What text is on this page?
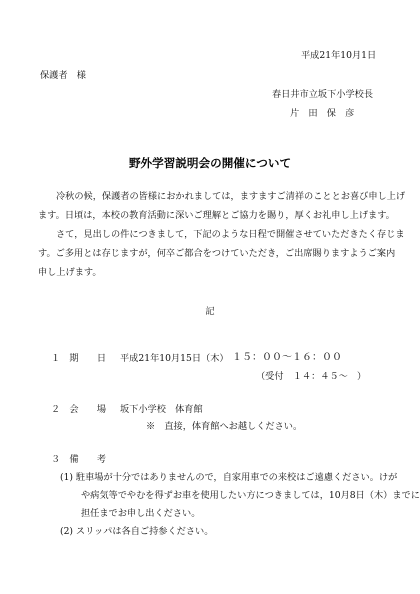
平成21年10月1日
保護者　様
春日井市立坂下小学校長
片　田　保　彦
野外学習説明会の開催について
冷秋の候，保護者の皆様におかれましては，ますますご清祥のこととお喜び申し上げ
ます。日頃は，本校の教育活動に深いご理解とご協力を賜り，厚くお礼申し上げます。
さて，見出しの件につきまして，下記のような日程で開催させていただきたく存じま
す。ご多用とは存じますが，何卒ご都合をつけていただき，ご出席賜りますようご案内
申し上げます。
記
１　期　　日 平成21年10月15日（木） １５：００～１６：００
（受付　１４：４５～　）
２　会　　場 坂下小学校　体育館
※　直接，体育館へお越しください。
３　備　　考
(1) 駐車場が十分ではありませんので，自家用車での来校はご遠慮ください。けが
や病気等でやむを得ずお車を使用したい方につきましては，10月8日（木）までに
担任までお申し出ください。
(2) スリッパは各自ご持参ください。
